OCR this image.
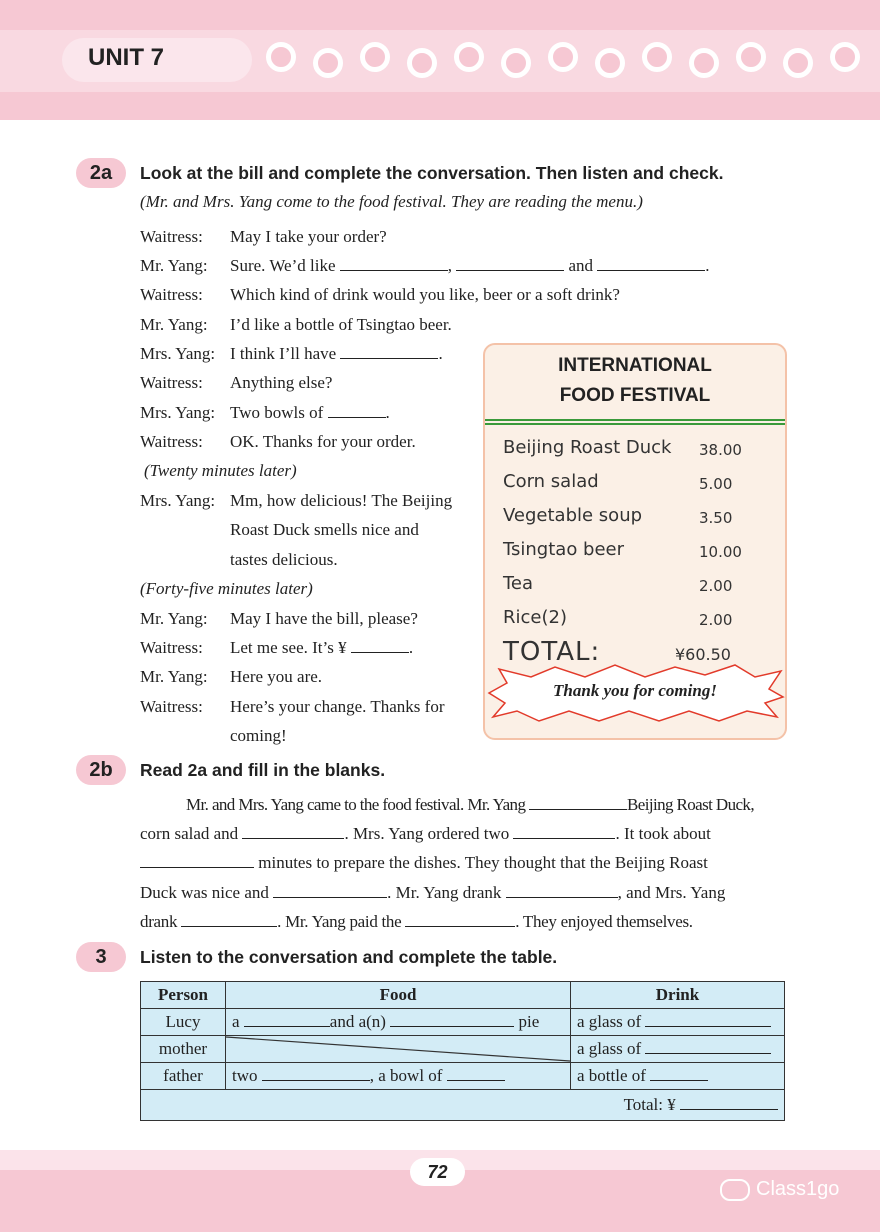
UNIT 7
2a	Look at the bill and complete the conversation. Then listen and check.
(Mr. and Mrs. Yang come to the food festival. They are reading the menu.)
Waitress: May I take your order?
Mr. Yang: Sure. We’d like	,	and	.
Waitress: Which kind of drink would you like, beer or a soft drink?
Mr. Yang: I’d like a bottle of Tsingtao beer.
Mrs. Yang: I think I’ll have	.
Waitress: Anything else?
Mrs. Yang: Two bowls of	.
Waitress: OK. Thanks for your order.
(Twenty minutes later)
Mrs. Yang: Mm, how delicious! The Beijing
Roast Duck smells nice and
tastes delicious.
(Forty-five minutes later)
Mr. Yang: May I have the bill, please?
Waitress: Let me see. It’s ¥	.
Mr. Yang: Here you are.
Waitress: Here’s your change. Thanks for
coming!
INTERNATIONAL
FOOD FESTIVAL
Beijing Roast Duck 38.00
Corn salad	5.00
Vegetable soup	3.50
Tsingtao beer	10.00
Tea	2.00
Rice(2)	2.00
TOTAL:	¥60.50
Thank you for coming!
2b	Read 2a and fill in the blanks.
Mr. and Mrs. Yang came to the food festival. Mr. Yang	Beijing Roast Duck,
corn salad and	. Mrs. Yang ordered two	. It took about
minutes to prepare the dishes. They thought that the Beijing Roast
Duck was nice and	. Mr. Yang drank	, and Mrs. Yang
drank	. Mr. Yang paid the	. They enjoyed themselves.
3	Listen to the conversation and complete the table.
Person	Food	Drink
Lucy	a and a(n) pie	a glass of
mother		a glass of
father	two , a bowl of	a bottle of
Total: ¥		
72
Class1go
